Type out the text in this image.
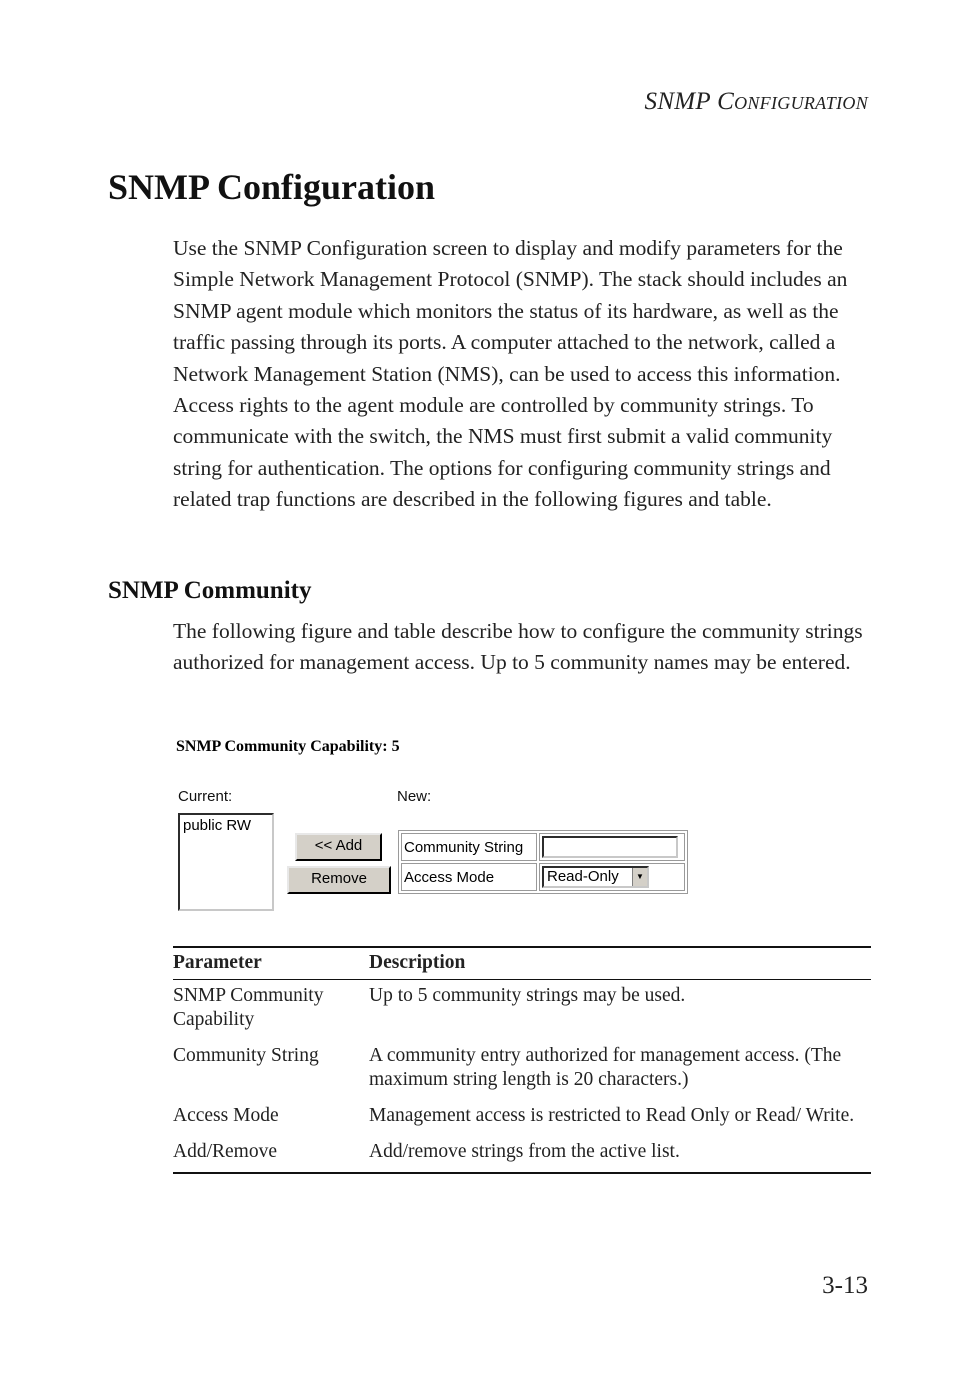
SNMP Configuration
SNMP Configuration

Use the SNMP Configuration screen to display and modify parameters for the Simple Network Management Protocol (SNMP). The stack should includes an SNMP agent module which monitors the status of its hardware, as well as the traffic passing through its ports. A computer attached to the network, called a Network Management Station (NMS), can be used to access this information. Access rights to the agent module are controlled by community strings. To communicate with the switch, the NMS must first submit a valid community string for authentication. The options for configuring community strings and related trap functions are described in the following figures and table.

SNMP Community

The following figure and table describe how to configure the community strings authorized for management access. Up to 5 community names may be entered.

SNMP Community Capability: 5
Current:	New:
public RW
<< Add
Remove
Community String	

Access Mode	Read-Only ▼
Parameter	Description
SNMP Community Capability	Up to 5 community strings may be used.
Community String	A community entry authorized for management access. (The maximum string length is 20 characters.)
Access Mode	Management access is restricted to Read Only or Read/ Write.
Add/Remove	Add/remove strings from the active list.
3-13
